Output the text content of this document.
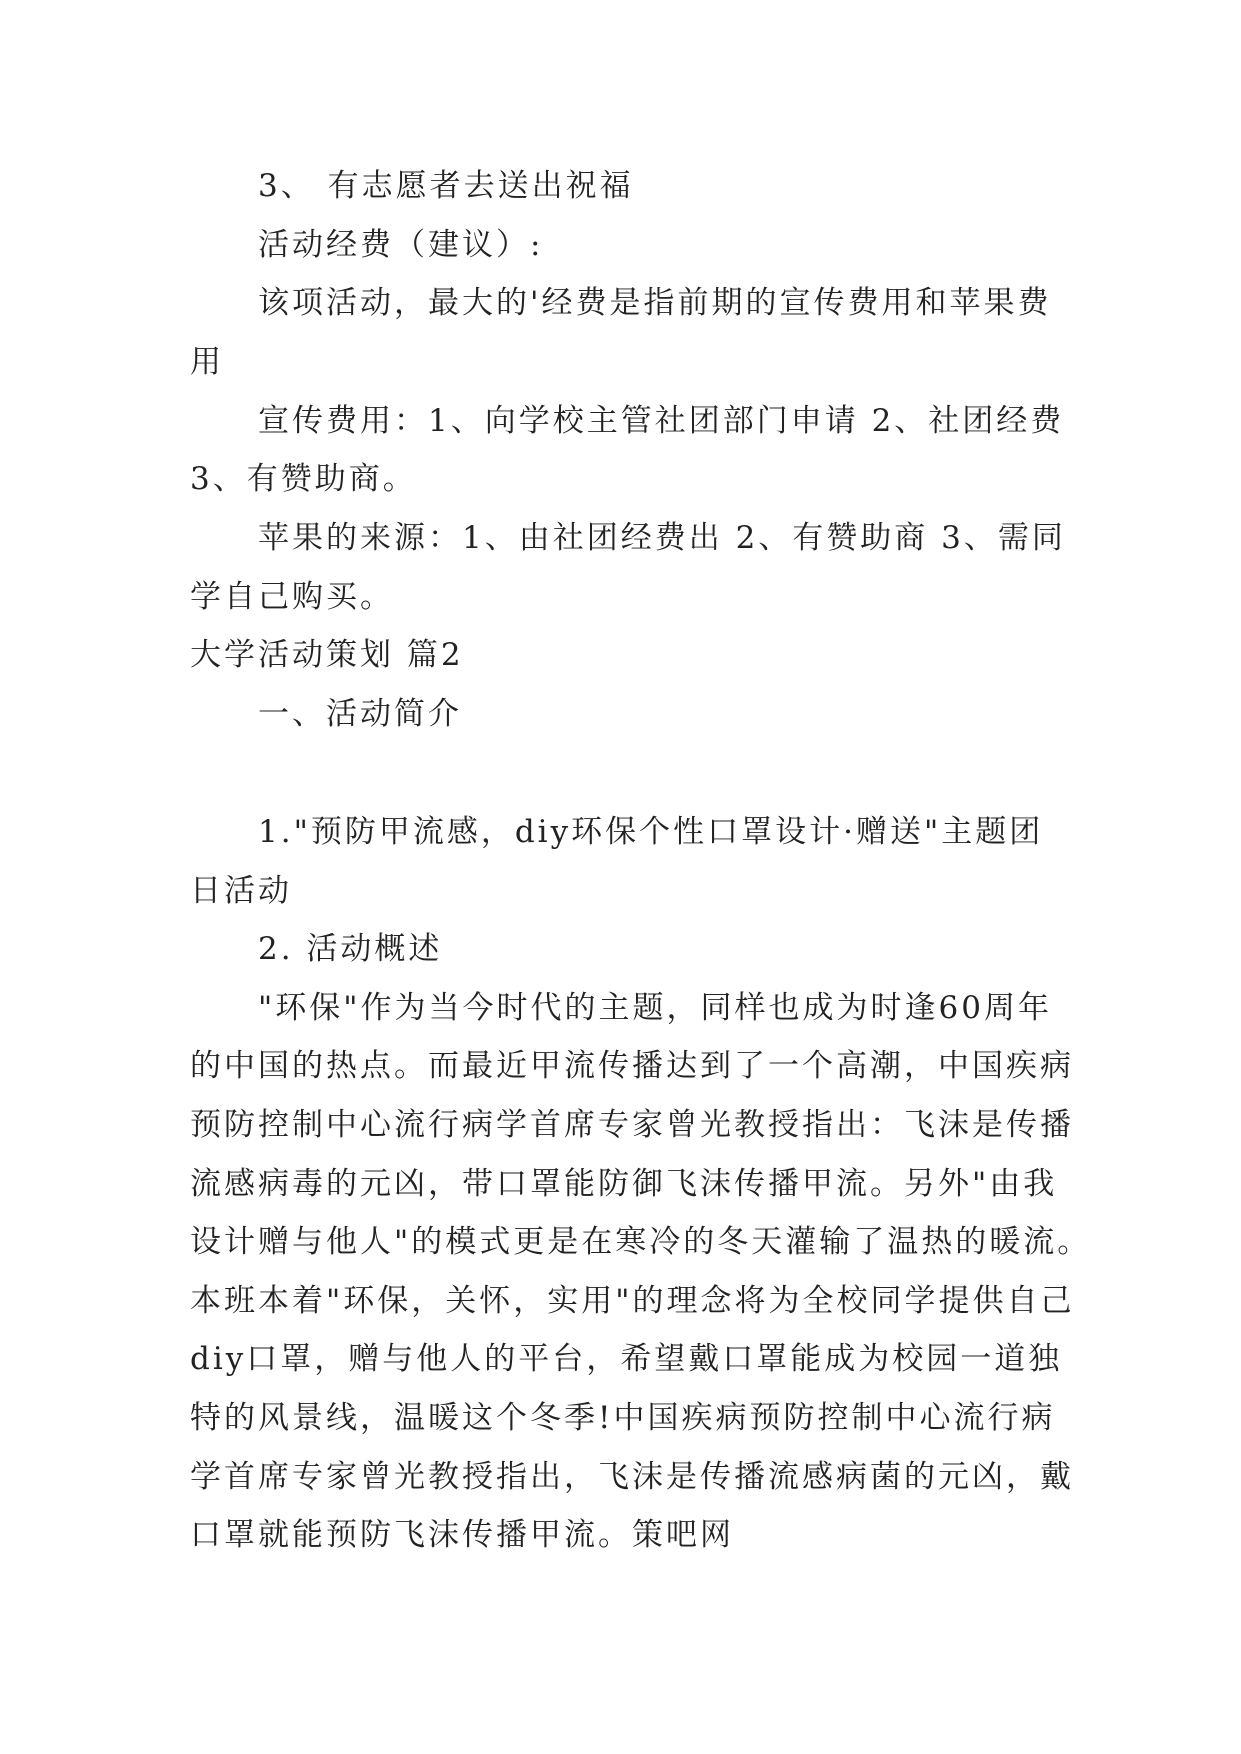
3、 有志愿者去送出祝福
活动经费（建议）:
该项活动，最大的'经费是指前期的宣传费用和苹果费
用
宣传费用：1、向学校主管社团部门申请 2、社团经费
3、有赞助商。
苹果的来源：1、由社团经费出 2、有赞助商 3、需同
学自己购买。
大学活动策划 篇2
一、活动简介
1."预防甲流感，diy环保个性口罩设计·赠送"主题团
日活动
2. 活动概述
"环保"作为当今时代的主题，同样也成为时逢60周年
的中国的热点。而最近甲流传播达到了一个高潮，中国疾病
预防控制中心流行病学首席专家曾光教授指出：飞沫是传播
流感病毒的元凶，带口罩能防御飞沫传播甲流。另外"由我
设计赠与他人"的模式更是在寒冷的冬天灌输了温热的暖流。
本班本着"环保，关怀，实用"的理念将为全校同学提供自己
diy口罩，赠与他人的平台，希望戴口罩能成为校园一道独
特的风景线，温暖这个冬季!中国疾病预防控制中心流行病
学首席专家曾光教授指出，飞沫是传播流感病菌的元凶，戴
口罩就能预防飞沫传播甲流。策吧网
